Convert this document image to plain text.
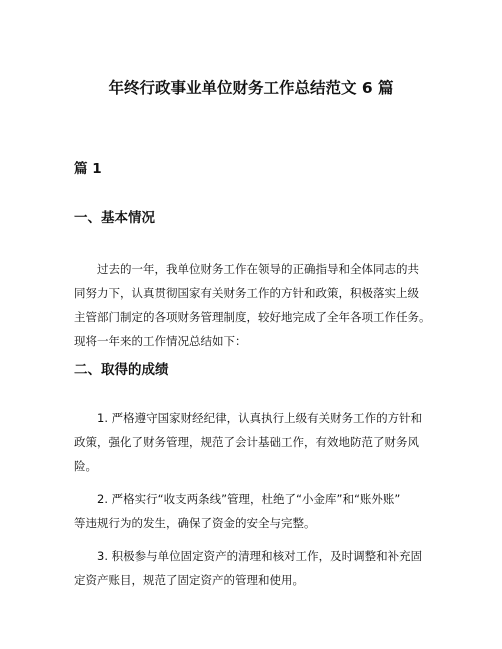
年终行政事业单位财务工作总结范文 6 篇
篇 1
一、基本情况
过去的一年，我单位财务工作在领导的正确指导和全体同志的共
同努力下，认真贯彻国家有关财务工作的方针和政策，积极落实上级
主管部门制定的各项财务管理制度，较好地完成了全年各项工作任务。
现将一年来的工作情况总结如下：
二、取得的成绩
1. 严格遵守国家财经纪律，认真执行上级有关财务工作的方针和
政策，强化了财务管理，规范了会计基础工作，有效地防范了财务风
险。
2. 严格实行“收支两条线”管理，杜绝了“小金库”和“账外账”
等违规行为的发生，确保了资金的安全与完整。
3. 积极参与单位固定资产的清理和核对工作，及时调整和补充固
定资产账目，规范了固定资产的管理和使用。
